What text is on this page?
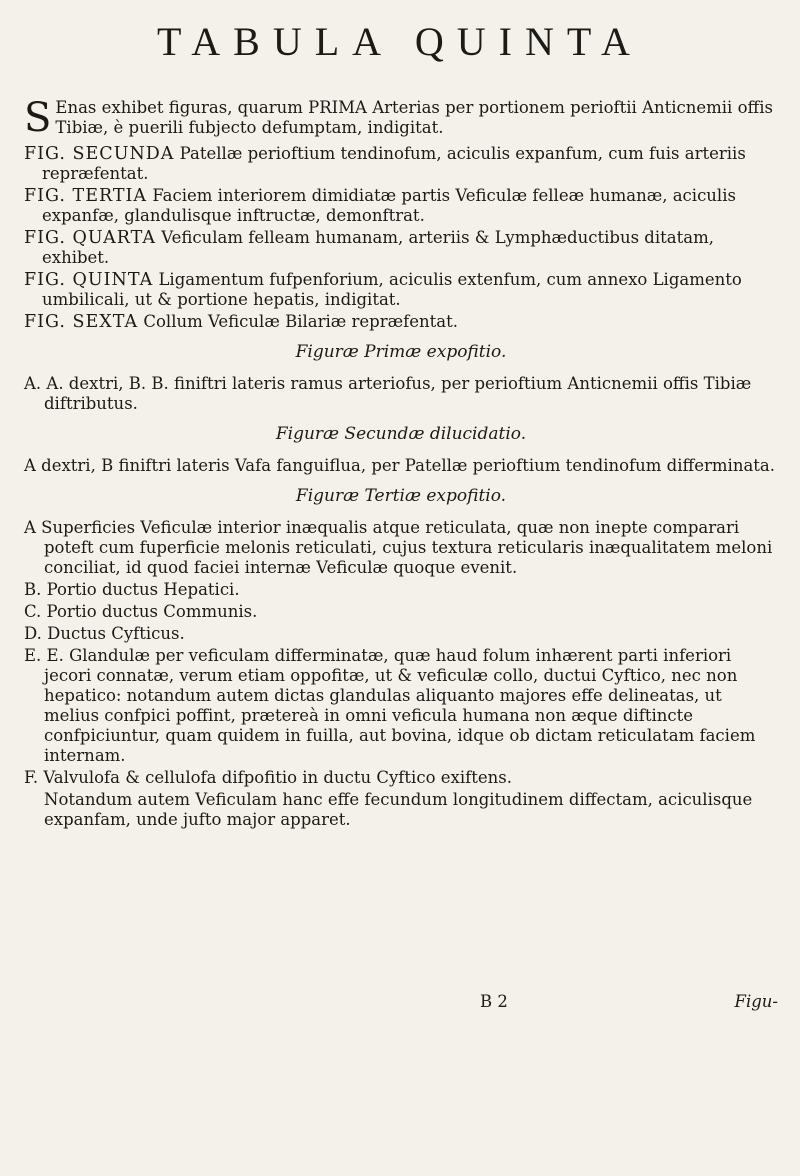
TABULA QUINTA

S Enas exhibet figuras, quarum PRIMA Arterias per portionem perioftii Anticnemii offis Tibiæ, è puerili fubjecto defumptam, indigitat.

FIG. SECUNDA Patellæ perioftium tendinofum, aciculis expanfum, cum fuis arteriis repræfentat.

FIG. TERTIA Faciem interiorem dimidiatæ partis Veficulæ felleæ humanæ, aciculis expanfæ, glandulisque inftructæ, demonftrat.

FIG. QUARTA Veficulam felleam humanam, arteriis & Lymphæductibus ditatam, exhibet.

FIG. QUINTA Ligamentum fufpenforium, aciculis extenfum, cum annexo Ligamento umbilicali, ut & portione hepatis, indigitat.

FIG. SEXTA Collum Veficulæ Bilariæ repræfentat.

Figuræ Primæ expofitio.

A. A. dextri, B. B. finiftri lateris ramus arteriofus, per perioftium Anticnemii offis Tibiæ diftributus.

Figuræ Secundæ dilucidatio.

A dextri, B finiftri lateris Vafa fanguiflua, per Patellæ perioftium tendinofum differminata.

Figuræ Tertiæ expofitio.

A Superficies Veficulæ interior inæqualis atque reticulata, quæ non inepte comparari poteft cum fuperficie melonis reticulati, cujus textura reticularis inæqualitatem meloni conciliat, id quod faciei internæ Veficulæ quoque evenit.

B. Portio ductus Hepatici.

C. Portio ductus Communis.

D. Ductus Cyfticus.

E. E. Glandulæ per veficulam differminatæ, quæ haud folum inhærent parti inferiori jecori connatæ, verum etiam oppofitæ, ut & veficulæ collo, ductui Cyftico, nec non hepatico: notandum autem dictas glandulas aliquanto majores effe delineatas, ut melius confpici poffint, prætereà in omni veficula humana non æque diftincte confpiciuntur, quam quidem in fuilla, aut bovina, idque ob dictam reticulatam faciem internam.

F. Valvulofa & cellulofa difpofitio in ductu Cyftico exiftens.

Notandum autem Veficulam hanc effe fecundum longitudinem diffectam, aciculisque expanfam, unde jufto major apparet.

B 2	Figu-
